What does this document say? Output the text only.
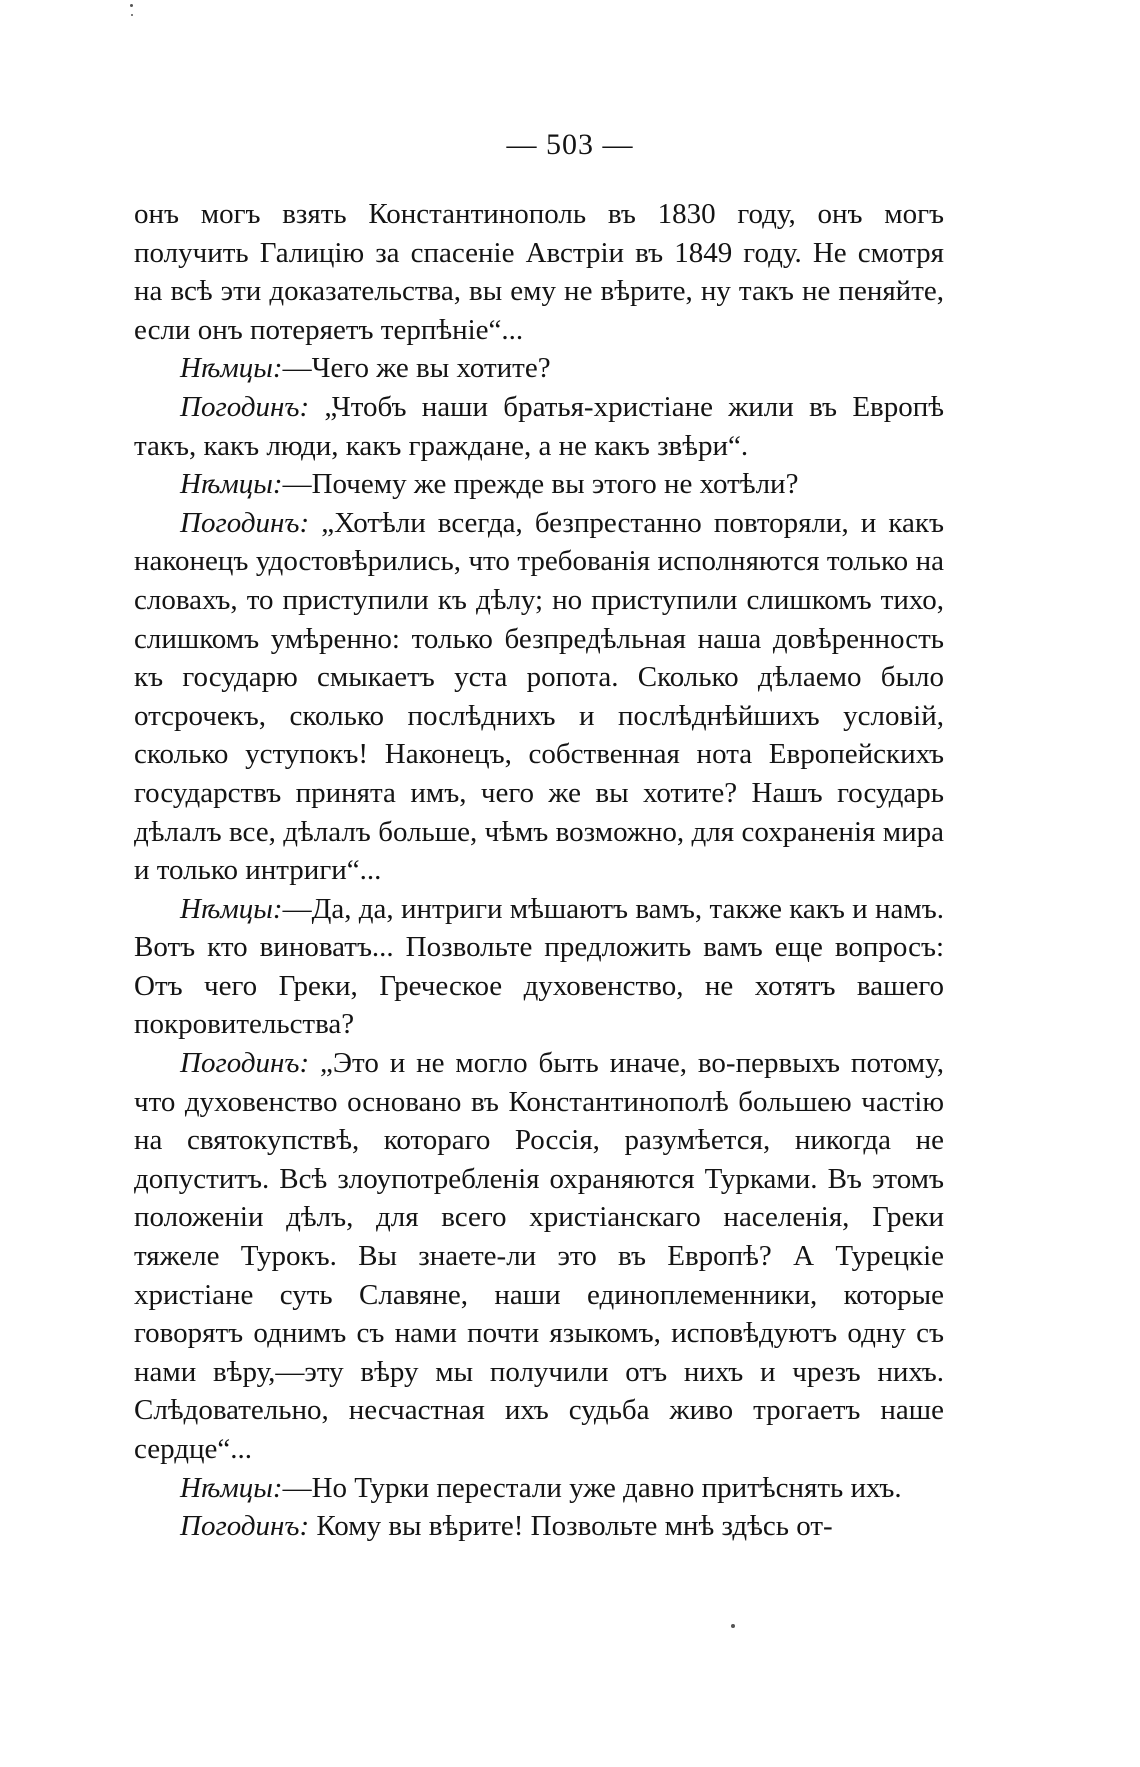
— 503 —

онъ могъ взять Константинополь въ 1830 году, онъ могъ получить Галицію за спасеніе Австріи въ 1849 году. Не смотря на всѣ эти доказательства, вы ему не вѣрите, ну такъ не пеняйте, если онъ потеряетъ терпѣніе“...

Нѣмцы:—Чего же вы хотите?

Погодинъ: „Чтобъ наши братья-христіане жили въ Европѣ такъ, какъ люди, какъ граждане, а не какъ звѣри“.

Нѣмцы:—Почему же прежде вы этого не хотѣли?

Погодинъ: „Хотѣли всегда, безпрестанно повторяли, и какъ наконецъ удостовѣрились, что требованія исполняются только на словахъ, то приступили къ дѣлу; но приступили слишкомъ тихо, слишкомъ умѣренно: только безпредѣльная наша довѣренность къ государю смыкаетъ уста ропота. Сколько дѣлаемо было отсрочекъ, сколько послѣднихъ и послѣднѣйшихъ условій, сколько уступокъ! Наконецъ, собственная нота Европейскихъ государствъ принята имъ, чего же вы хотите? Нашъ государь дѣлалъ все, дѣлалъ больше, чѣмъ возможно, для сохраненія мира и только интриги“...

Нѣмцы:—Да, да, интриги мѣшаютъ вамъ, также какъ и намъ. Вотъ кто виноватъ... Позвольте предложить вамъ еще вопросъ: Отъ чего Греки, Греческое духовенство, не хотятъ вашего покровительства?

Погодинъ: „Это и не могло быть иначе, во-первыхъ потому, что духовенство основано въ Константинополѣ большею частію на святокупствѣ, котораго Россія, разумѣется, никогда не допуститъ. Всѣ злоупотребленія охраняются Турками. Въ этомъ положеніи дѣлъ, для всего христіанскаго населенія, Греки тяжеле Турокъ. Вы знаете-ли это въ Европѣ? А Турецкіе христіане суть Славяне, наши единоплеменники, которые говорятъ однимъ съ нами почти языкомъ, исповѣдуютъ одну съ нами вѣру,—эту вѣру мы получили отъ нихъ и чрезъ нихъ. Слѣдовательно, несчастная ихъ судьба живо трогаетъ наше сердце“...

Нѣмцы:—Но Турки перестали уже давно притѣснять ихъ.

Погодинъ: Кому вы вѣрите! Позвольте мнѣ здѣсь от-
